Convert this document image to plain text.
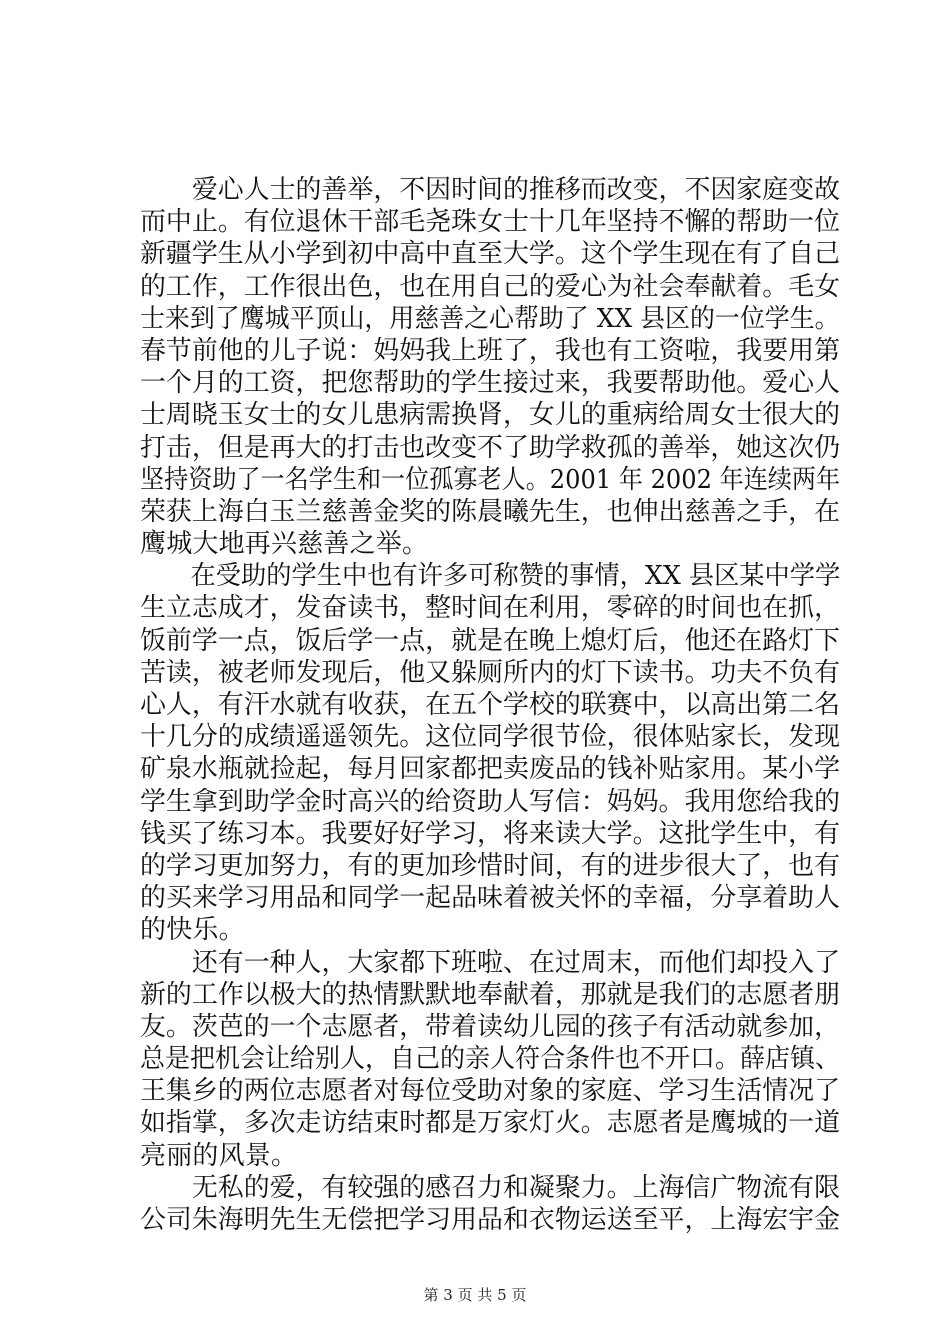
　　爱心人士的善举，不因时间的推移而改变，不因家庭变故
而中止。有位退休干部毛尧珠女士十几年坚持不懈的帮助一位
新疆学生从小学到初中高中直至大学。这个学生现在有了自己
的工作，工作很出色，也在用自己的爱心为社会奉献着。毛女
士来到了鹰城平顶山，用慈善之心帮助了 XX 县区的一位学生。
春节前他的儿子说：妈妈我上班了，我也有工资啦，我要用第
一个月的工资，把您帮助的学生接过来，我要帮助他。爱心人
士周晓玉女士的女儿患病需换肾，女儿的重病给周女士很大的
打击，但是再大的打击也改变不了助学救孤的善举，她这次仍
坚持资助了一名学生和一位孤寡老人。2001 年 2002 年连续两年
荣获上海白玉兰慈善金奖的陈晨曦先生，也伸出慈善之手，在
鹰城大地再兴慈善之举。
　　在受助的学生中也有许多可称赞的事情，XX 县区某中学学
生立志成才，发奋读书，整时间在利用，零碎的时间也在抓，
饭前学一点，饭后学一点，就是在晚上熄灯后，他还在路灯下
苦读，被老师发现后，他又躲厕所内的灯下读书。功夫不负有
心人，有汗水就有收获，在五个学校的联赛中，以高出第二名
十几分的成绩遥遥领先。这位同学很节俭，很体贴家长，发现
矿泉水瓶就捡起，每月回家都把卖废品的钱补贴家用。某小学
学生拿到助学金时高兴的给资助人写信：妈妈。我用您给我的
钱买了练习本。我要好好学习，将来读大学。这批学生中，有
的学习更加努力，有的更加珍惜时间，有的进步很大了，也有
的买来学习用品和同学一起品味着被关怀的幸福，分享着助人
的快乐。
　　还有一种人，大家都下班啦、在过周末，而他们却投入了
新的工作以极大的热情默默地奉献着，那就是我们的志愿者朋
友。茨芭的一个志愿者，带着读幼儿园的孩子有活动就参加，
总是把机会让给别人，自己的亲人符合条件也不开口。薛店镇、
王集乡的两位志愿者对每位受助对象的家庭、学习生活情况了
如指掌，多次走访结束时都是万家灯火。志愿者是鹰城的一道
亮丽的风景。
　　无私的爱，有较强的感召力和凝聚力。上海信广物流有限
公司朱海明先生无偿把学习用品和衣物运送至平，上海宏宇金
第 3 页 共 5 页
